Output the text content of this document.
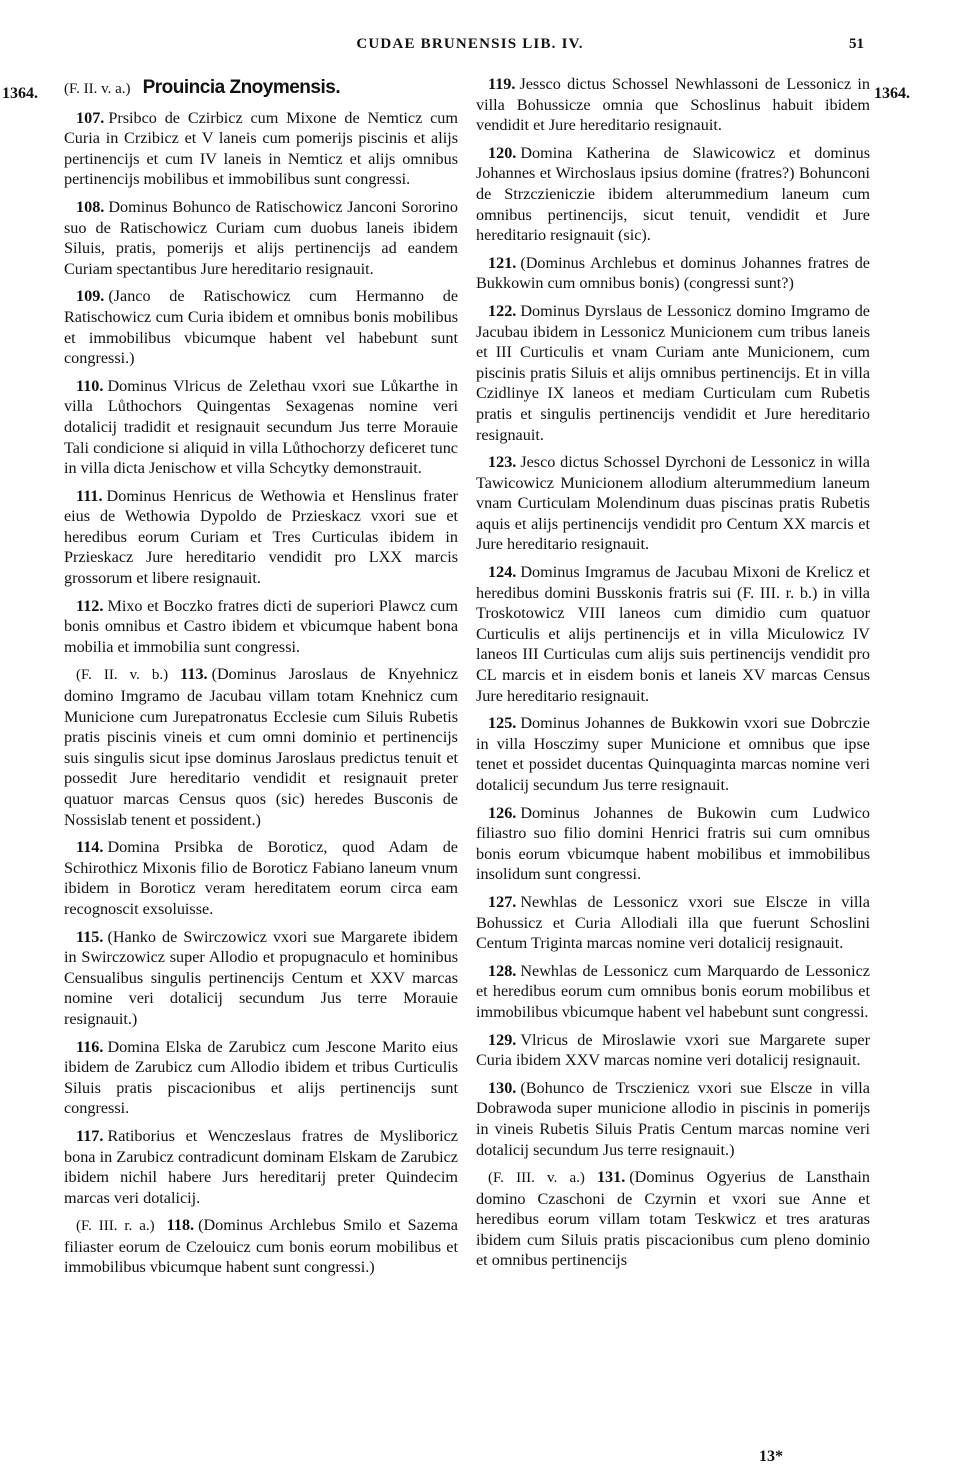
CUDAE BRUNENSIS LIB. IV.	51
1364.	1364.
(F. II. v. a.) Prouincia Znoymensis.

107. Prsibco de Czirbicz cum Mixone de Nemticz cum Curia in Crzibicz et V laneis cum pomerijs piscinis et alijs pertinencijs et cum IV laneis in Nemticz et alijs omnibus pertinencijs mobilibus et immobilibus sunt congressi.

108. Dominus Bohunco de Ratischowicz Janconi Sororino suo de Ratischowicz Curiam cum duobus laneis ibidem Siluis, pratis, pomerijs et alijs pertinencijs ad eandem Curiam spectantibus Jure hereditario resignauit.

109. (Janco de Ratischowicz cum Hermanno de Ratischowicz cum Curia ibidem et omnibus bonis mobilibus et immobilibus vbicumque habent vel habebunt sunt congressi.)

110. Dominus Vlricus de Zelethau vxori sue Lůkarthe in villa Lůthochors Quingentas Sexagenas nomine veri dotalicij tradidit et resignauit secundum Jus terre Morauie Tali condicione si aliquid in villa Lůthochorzy deficeret tunc in villa dicta Jenischow et villa Schcytky demonstrauit.

111. Dominus Henricus de Wethowia et Henslinus frater eius de Wethowia Dypoldo de Przieskacz vxori sue et heredibus eorum Curiam et Tres Curticulas ibidem in Przieskacz Jure hereditario vendidit pro LXX marcis grossorum et libere resignauit.

112. Mixo et Boczko fratres dicti de superiori Plawcz cum bonis omnibus et Castro ibidem et vbicumque habent bona mobilia et immobilia sunt congressi.

(F. II. v. b.) 113. (Dominus Jaroslaus de Knyehnicz domino Imgramo de Jacubau villam totam Knehnicz cum Municione cum Jurepatronatus Ecclesie cum Siluis Rubetis pratis piscinis vineis et cum omni dominio et pertinencijs suis singulis sicut ipse dominus Jaroslaus predictus tenuit et possedit Jure hereditario vendidit et resignauit preter quatuor marcas Census quos (sic) heredes Busconis de Nossislab tenent et possident.)

114. Domina Prsibka de Boroticz, quod Adam de Schirothicz Mixonis filio de Boroticz Fabiano laneum vnum ibidem in Boroticz veram hereditatem eorum circa eam recognoscit exsoluisse.

115. (Hanko de Swirczowicz vxori sue Margarete ibidem in Swirczowicz super Allodio et propugnaculo et hominibus Censualibus singulis pertinencijs Centum et XXV marcas nomine veri dotalicij secundum Jus terre Morauie resignauit.)

116. Domina Elska de Zarubicz cum Jescone Marito eius ibidem de Zarubicz cum Allodio ibidem et tribus Curticulis Siluis pratis piscacionibus et alijs pertinencijs sunt congressi.

117. Ratiborius et Wenczeslaus fratres de Mysliboricz bona in Zarubicz contradicunt dominam Elskam de Zarubicz ibidem nichil habere Jurs hereditarij preter Quindecim marcas veri dotalicij.

(F. III. r. a.) 118. (Dominus Archlebus Smilo et Sazema filiaster eorum de Czelouicz cum bonis eorum mobilibus et immobilibus vbicumque habent sunt congressi.)

119. Jessco dictus Schossel Newhlassoni de Lessonicz in villa Bohussicze omnia que Schoslinus habuit ibidem vendidit et Jure hereditario resignauit.

120. Domina Katherina de Slawicowicz et dominus Johannes et Wirchoslaus ipsius domine (fratres?) Bohunconi de Strzczieniczie ibidem alterummedium laneum cum omnibus pertinencijs, sicut tenuit, vendidit et Jure hereditario resignauit (sic).

121. (Dominus Archlebus et dominus Johannes fratres de Bukkowin cum omnibus bonis) (congressi sunt?)

122. Dominus Dyrslaus de Lessonicz domino Imgramo de Jacubau ibidem in Lessonicz Municionem cum tribus laneis et III Curticulis et vnam Curiam ante Municionem, cum piscinis pratis Siluis et alijs omnibus pertinencijs. Et in villa Czidlinye IX laneos et mediam Curticulam cum Rubetis pratis et singulis pertinencijs vendidit et Jure hereditario resignauit.

123. Jesco dictus Schossel Dyrchoni de Lessonicz in willa Tawicowicz Municionem allodium alterummedium laneum vnam Curticulam Molendinum duas piscinas pratis Rubetis aquis et alijs pertinencijs vendidit pro Centum XX marcis et Jure hereditario resignauit.

124. Dominus Imgramus de Jacubau Mixoni de Krelicz et heredibus domini Busskonis fratris sui (F. III. r. b.) in villa Troskotowicz VIII laneos cum dimidio cum quatuor Curticulis et alijs pertinencijs et in villa Miculowicz IV laneos III Curticulas cum alijs suis pertinencijs vendidit pro CL marcis et in eisdem bonis et laneis XV marcas Census Jure hereditario resignauit.

125. Dominus Johannes de Bukkowin vxori sue Dobrczie in villa Hosczimy super Municione et omnibus que ipse tenet et possidet ducentas Quinquaginta marcas nomine veri dotalicij secundum Jus terre resignauit.

126. Dominus Johannes de Bukowin cum Ludwico filiastro suo filio domini Henrici fratris sui cum omnibus bonis eorum vbicumque habent mobilibus et immobilibus insolidum sunt congressi.

127. Newhlas de Lessonicz vxori sue Elscze in villa Bohussicz et Curia Allodiali illa que fuerunt Schoslini Centum Triginta marcas nomine veri dotalicij resignauit.

128. Newhlas de Lessonicz cum Marquardo de Lessonicz et heredibus eorum cum omnibus bonis eorum mobilibus et immobilibus vbicumque habent vel habebunt sunt congressi.

129. Vlricus de Miroslawie vxori sue Margarete super Curia ibidem XXV marcas nomine veri dotalicij resignauit.

130. (Bohunco de Trsczienicz vxori sue Elscze in villa Dobrawoda super municione allodio in piscinis in pomerijs in vineis Rubetis Siluis Pratis Centum marcas nomine veri dotalicij secundum Jus terre resignauit.)

(F. III. v. a.) 131. (Dominus Ogyerius de Lansthain domino Czaschoni de Czyrnin et vxori sue Anne et heredibus eorum villam totam Teskwicz et tres araturas ibidem cum Siluis pratis piscacionibus cum pleno dominio et omnibus pertinencijs

13*
